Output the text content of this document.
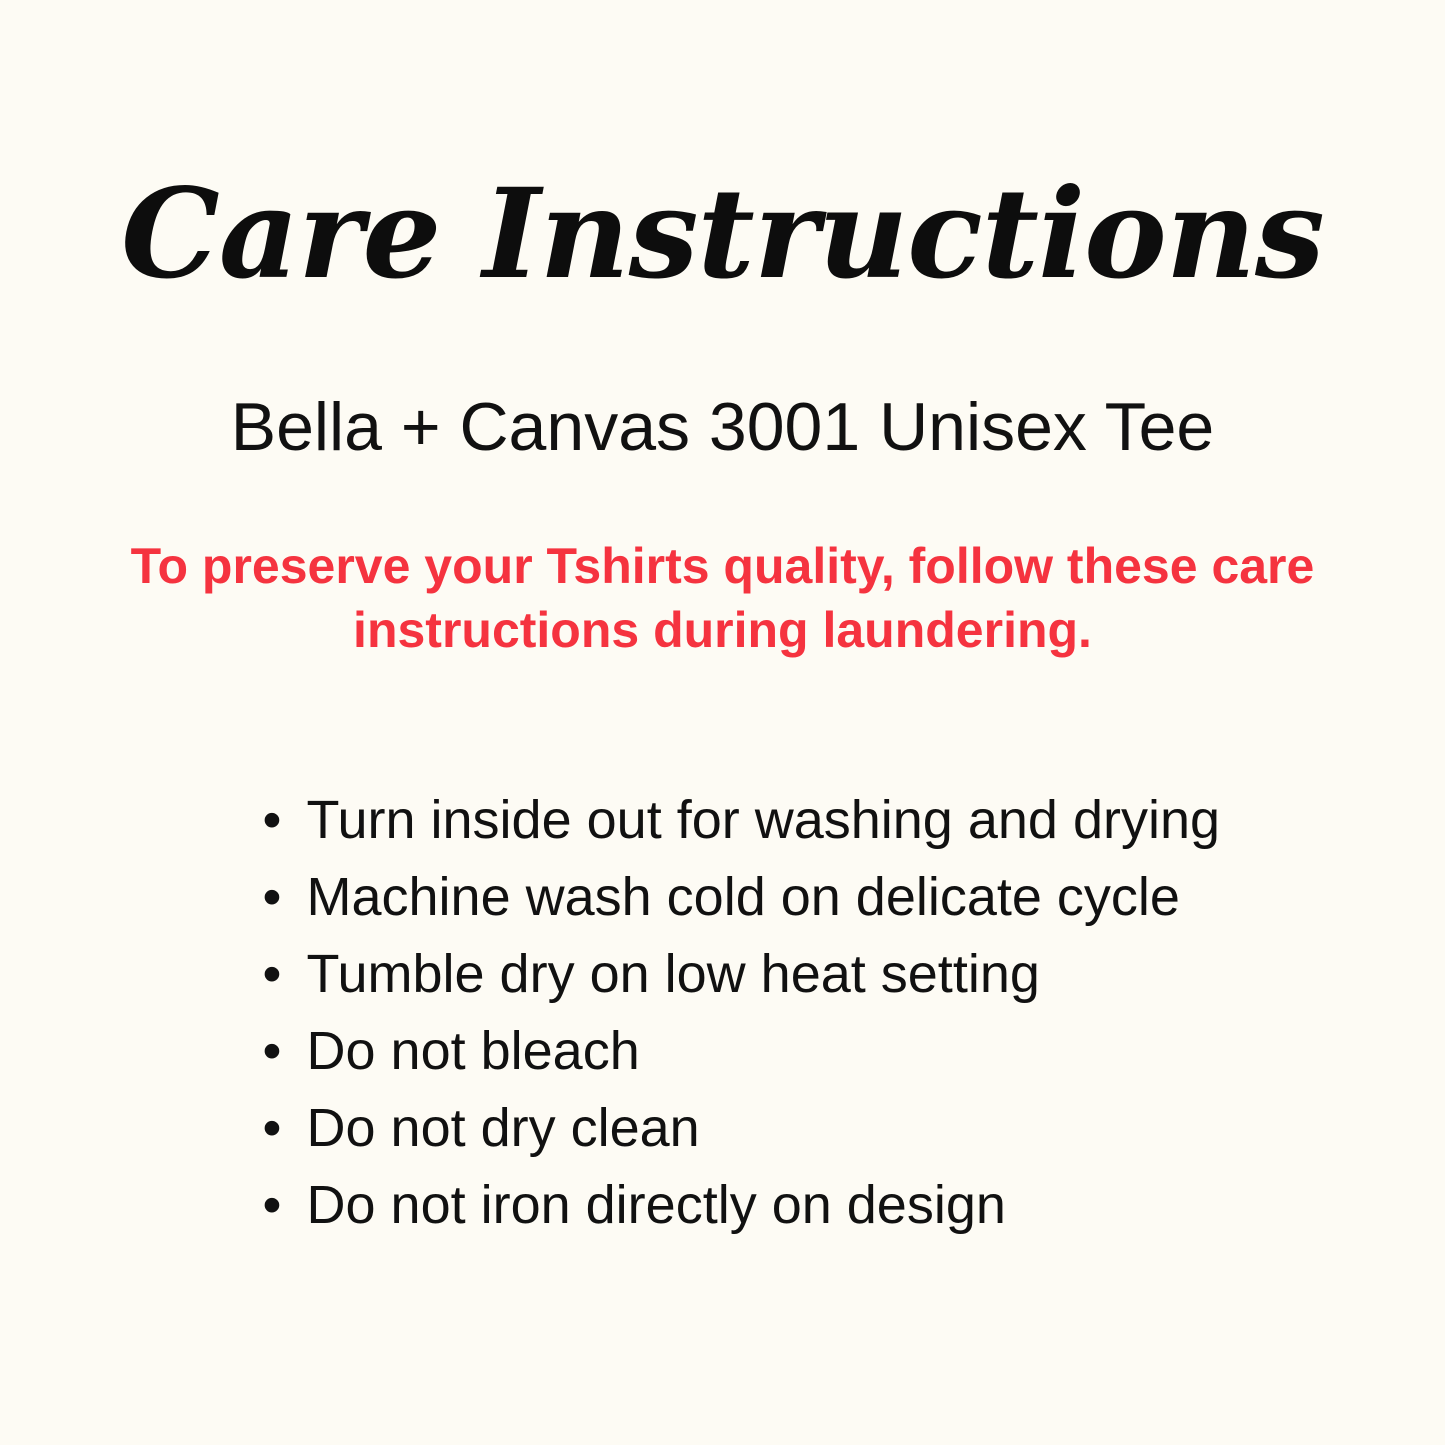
Care Instructions
Bella + Canvas 3001 Unisex Tee
To preserve your Tshirts quality, follow these care instructions during laundering.
• Turn inside out for washing and drying
• Machine wash cold on delicate cycle
• Tumble dry on low heat setting
• Do not bleach
• Do not dry clean
• Do not iron directly on design
